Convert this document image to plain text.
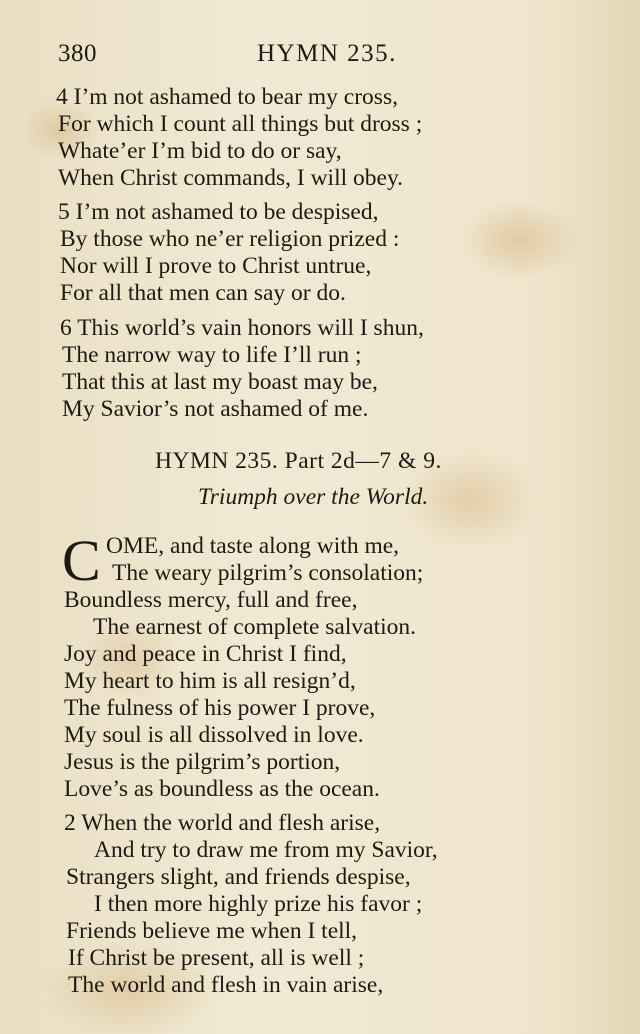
380	HYMN 235.
4 I’m not ashamed to bear my cross,
For which I count all things but dross ;
Whate’er I’m bid to do or say,
When Christ commands, I will obey.
5 I’m not ashamed to be despised,
By those who ne’er religion prized :
Nor will I prove to Christ untrue,
For all that men can say or do.
6 This world’s vain honors will I shun,
The narrow way to life I’ll run ;
That this at last my boast may be,
My Savior’s not ashamed of me.
HYMN 235. Part 2d—7 & 9.
Triumph over the World.
C OME, and taste along with me,
The weary pilgrim’s consolation;
Boundless mercy, full and free,
The earnest of complete salvation.
Joy and peace in Christ I find,
My heart to him is all resign’d,
The fulness of his power I prove,
My soul is all dissolved in love.
Jesus is the pilgrim’s portion,
Love’s as boundless as the ocean.
2 When the world and flesh arise,
And try to draw me from my Savior,
Strangers slight, and friends despise,
I then more highly prize his favor ;
Friends believe me when I tell,
If Christ be present, all is well ;
The world and flesh in vain arise,
